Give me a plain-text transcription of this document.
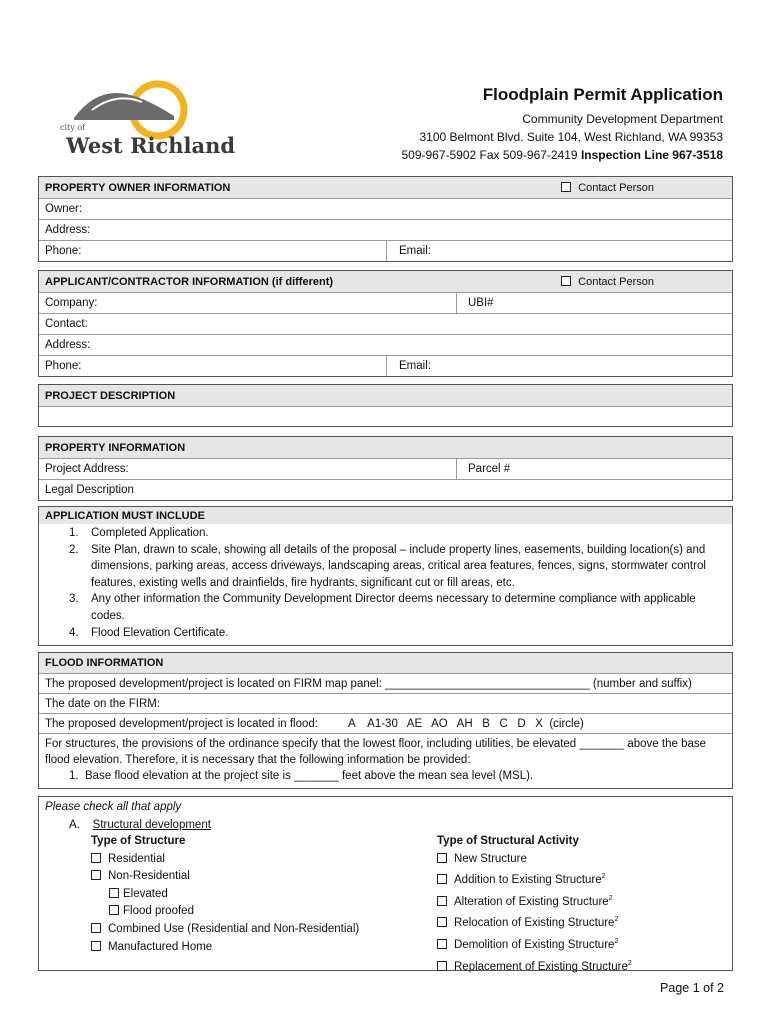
city of
West Richland
Floodplain Permit Application
Community Development Department
3100 Belmont Blvd. Suite 104, West Richland, WA 99353
509-967-5902 Fax 509-967-2419 Inspection Line 967-3518
PROPERTY OWNER INFORMATION	Contact Person
Owner:
Address:
Phone:	Email:
APPLICANT/CONTRACTOR INFORMATION (if different)	Contact Person
Company:	UBI#
Contact:
Address:
Phone:	Email:
PROJECT DESCRIPTION
PROPERTY INFORMATION
Project Address:	Parcel #
Legal Description
APPLICATION MUST INCLUDE
1. Completed Application.
2. Site Plan, drawn to scale, showing all details of the proposal – include property lines, easements, building location(s) and dimensions, parking areas, access driveways, landscaping areas, critical area features, fences, signs, stormwater control features, existing wells and drainfields, fire hydrants, significant cut or fill areas, etc.
3. Any other information the Community Development Director deems necessary to determine compliance with applicable codes.
4. Flood Elevation Certificate.
FLOOD INFORMATION
The proposed development/project is located on FIRM map panel: ________________________________ (number and suffix)
The date on the FIRM:
The proposed development/project is located in flood:	A    A1-30   AE   AO   AH   B   C   D   X  (circle)
For structures, the provisions of the ordinance specify that the lowest floor, including utilities, be elevated _______ above the base flood elevation. Therefore, it is necessary that the following information be provided:
1. Base flood elevation at the project site is _______ feet above the mean sea level (MSL).
Please check all that apply
A. Structural development
Type of Structure
Residential
Non-Residential
Elevated
Flood proofed
Combined Use (Residential and Non-Residential)
Manufactured Home
Type of Structural Activity
New Structure
Addition to Existing Structure$^2$
Alteration of Existing Structure$^2$
Relocation of Existing Structure$^2$
Demolition of Existing Structure$^2$
Replacement of Existing Structure$^2$
Page 1 of 2
